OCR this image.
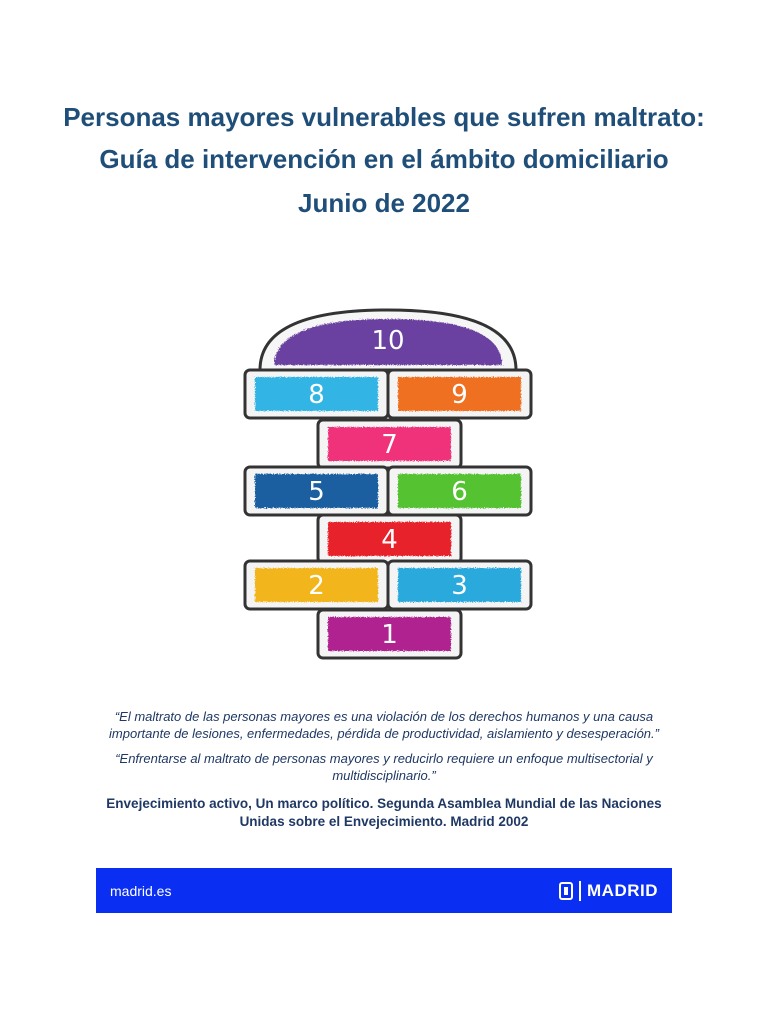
Personas mayores vulnerables que sufren maltrato:
Guía de intervención en el ámbito domiciliario
Junio de 2022
10
8	9
7
5	6
4
2	3
1

“El maltrato de las personas mayores es una violación de los derechos humanos y una causa importante de lesiones, enfermedades, pérdida de productividad, aislamiento y desesperación.”

“Enfrentarse al maltrato de personas mayores y reducirlo requiere un enfoque multisectorial y multidisciplinario.”

Envejecimiento activo, Un marco político. Segunda Asamblea Mundial de las Naciones Unidas sobre el Envejecimiento. Madrid 2002
madrid.es	MADRID
